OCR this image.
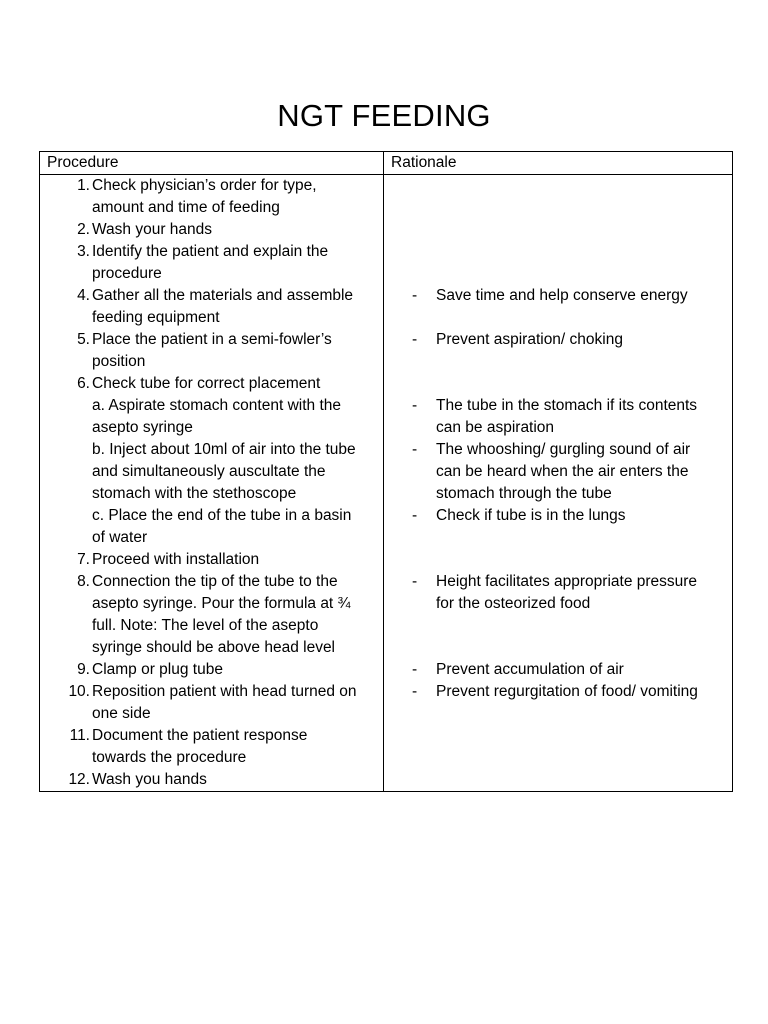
NGT FEEDING
Procedure	Rationale
1. Check physician’s order for type,
amount and time of feeding
2. Wash your hands
3. Identify the patient and explain the
procedure
4. Gather all the materials and assemble
feeding equipment
5. Place the patient in a semi-fowler’s
position
6. Check tube for correct placement
a. Aspirate stomach content with the
asepto syringe
b. Inject about 10ml of air into the tube
and simultaneously auscultate the
stomach with the stethoscope
c. Place the end of the tube in a basin
of water
7. Proceed with installation
8. Connection the tip of the tube to the
asepto syringe. Pour the formula at ¾
full. Note: The level of the asepto
syringe should be above head level
9. Clamp or plug tube
10. Reposition patient with head turned on
one side
11. Document the patient response
towards the procedure
12. Wash you hands
- Save time and help conserve energy
- Prevent aspiration/ choking
- The tube in the stomach if its contents
can be aspiration
- The whooshing/ gurgling sound of air
can be heard when the air enters the
stomach through the tube
- Check if tube is in the lungs
- Height facilitates appropriate pressure
for the osteorized food
- Prevent accumulation of air
- Prevent regurgitation of food/ vomiting
